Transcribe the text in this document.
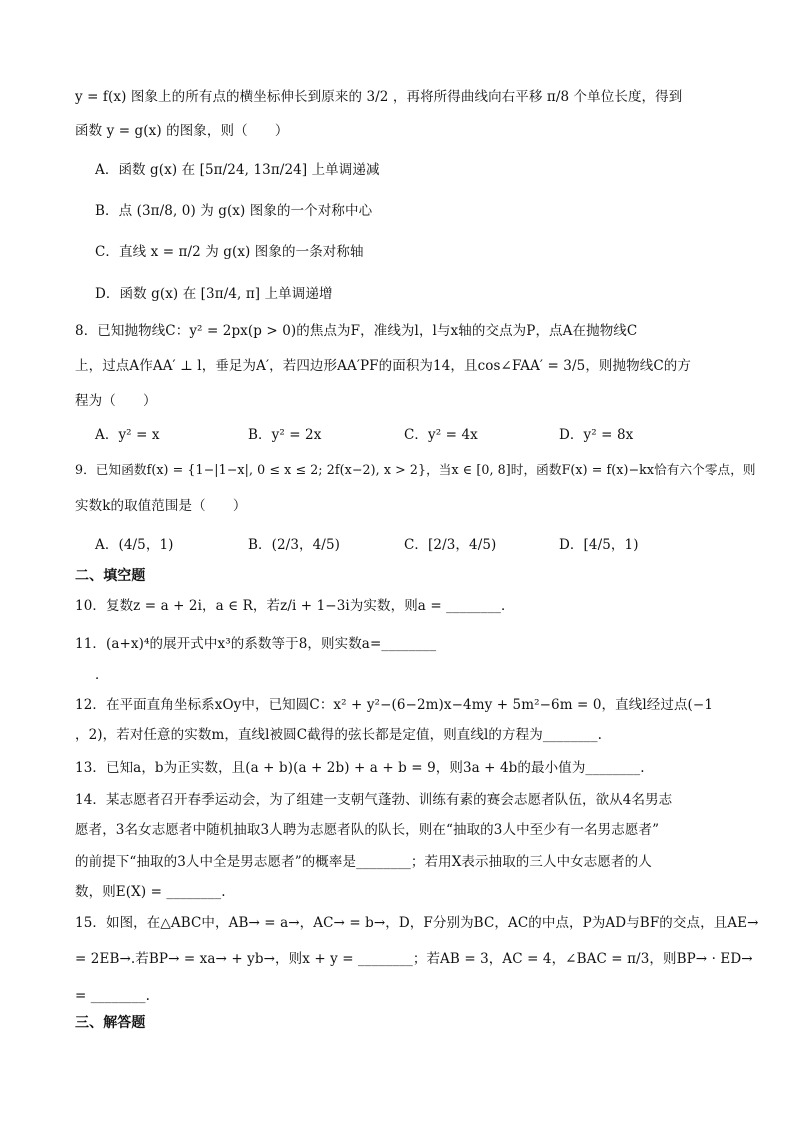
y = f(x) 图象上的所有点的横坐标伸长到原来的 3/2 ，再将所得曲线向右平移 π/8 个单位长度，得到
函数 y = g(x) 的图象，则（　　）
A．函数 g(x) 在 [5π/24, 13π/24] 上单调递减
B．点 (3π/8, 0) 为 g(x) 图象的一个对称中心
C．直线 x = π/2 为 g(x) 图象的一条对称轴
D．函数 g(x) 在 [3π/4, π] 上单调递增
8．已知抛物线C：y² = 2px(p > 0)的焦点为F，准线为l，l与x轴的交点为P，点A在抛物线C
上，过点A作AA′ ⊥ l，垂足为A′，若四边形AA′PF的面积为14，且cos∠FAA′ = 3/5，则抛物线C的方
程为（　　）
A．y² = x	B．y² = 2x	C．y² = 4x	D．y² = 8x
9．已知函数f(x) = {1−|1−x|, 0 ≤ x ≤ 2; 2f(x−2), x > 2}，当x ∈ [0, 8]时，函数F(x) = f(x)−kx恰有六个零点，则
实数k的取值范围是（　　）
A．(4/5，1)	B．(2/3，4/5)	C．[2/3，4/5)	D．[4/5，1)
二、填空题
10．复数z = a + 2i，a ∈ R，若z/i + 1−3i为实数，则a = ________．
11．(a+x)⁴的展开式中x³的系数等于8，则实数a=________
．
12．在平面直角坐标系xOy中，已知圆C：x² + y²−(6−2m)x−4my + 5m²−6m = 0，直线l经过点(−1
，2)，若对任意的实数m，直线l被圆C截得的弦长都是定值，则直线l的方程为________.
13．已知a，b为正实数，且(a + b)(a + 2b) + a + b = 9，则3a + 4b的最小值为________.
14．某志愿者召开春季运动会，为了组建一支朝气蓬勃、训练有素的赛会志愿者队伍，欲从4名男志
愿者，3名女志愿者中随机抽取3人聘为志愿者队的队长，则在“抽取的3人中至少有一名男志愿者”
的前提下“抽取的3人中全是男志愿者”的概率是________；若用X表示抽取的三人中女志愿者的人
数，则E(X) = ________.
15．如图，在△ABC中，AB→ = a→，AC→ = b→，D，F分别为BC，AC的中点，P为AD与BF的交点，且AE→
= 2EB→.若BP→ = xa→ + yb→，则x + y = ________；若AB = 3，AC = 4，∠BAC = π/3，则BP→ · ED→
= ________.
三、解答题
